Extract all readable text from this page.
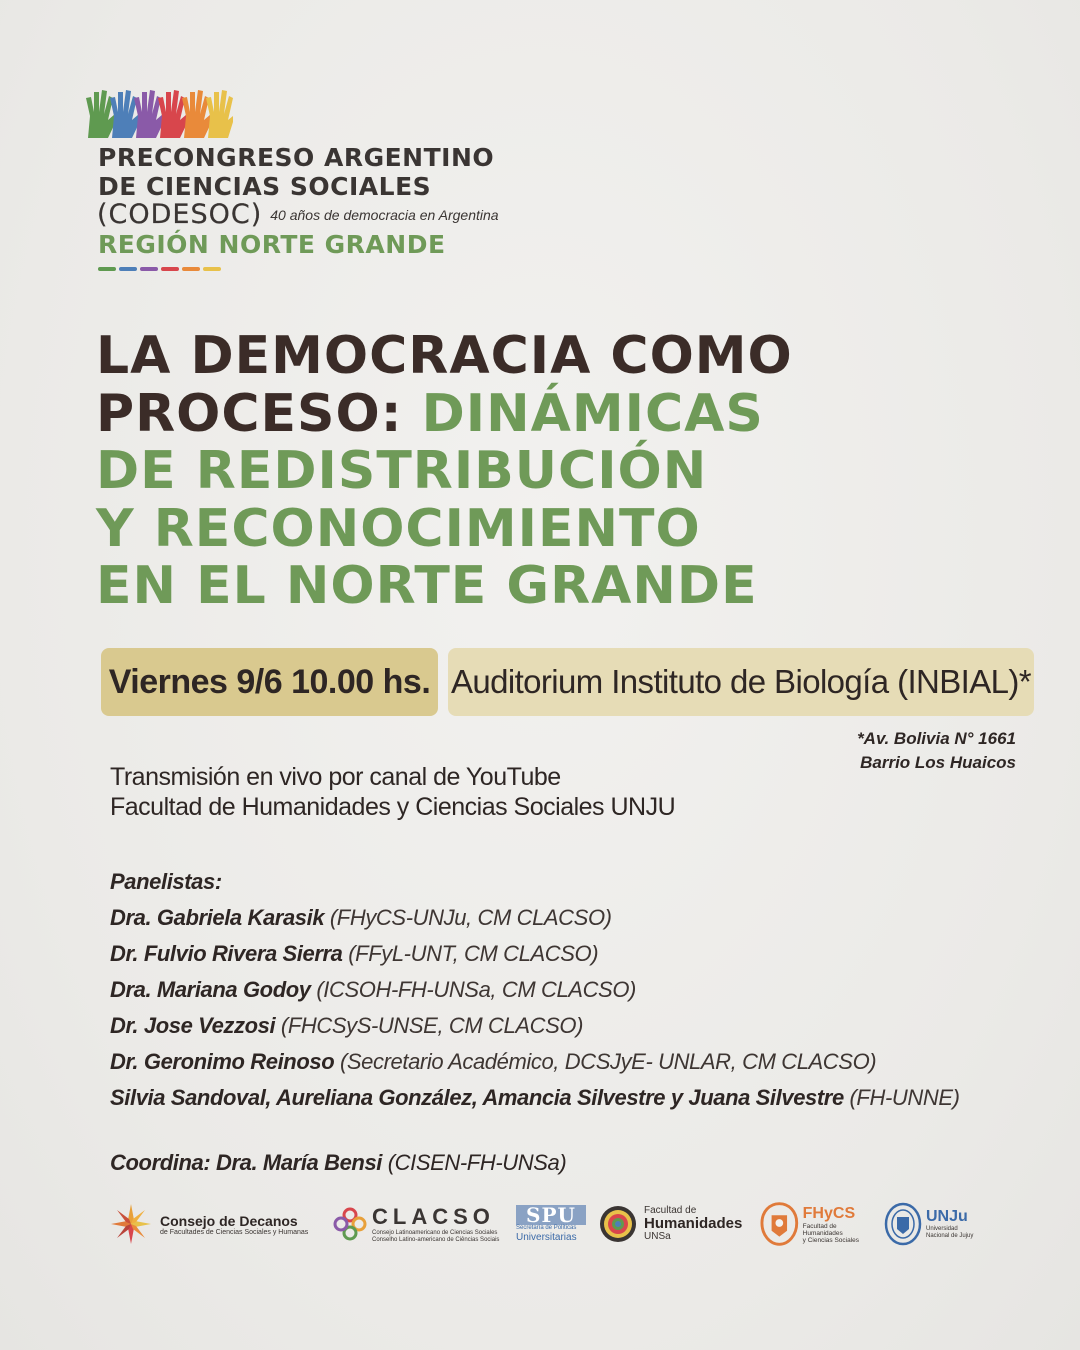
PRECONGRESO ARGENTINO
DE CIENCIAS SOCIALES
(CODESOC) 40 años de democracia en Argentina
REGIÓN NORTE GRANDE
LA DEMOCRACIA COMO
PROCESO: DINÁMICAS
DE REDISTRIBUCIÓN
Y RECONOCIMIENTO
EN EL NORTE GRANDE
Viernes 9/6 10.00 hs. Auditorium Instituto de Biología (INBIAL)*
*Av. Bolivia N° 1661
Barrio Los Huaicos
Transmisión en vivo por canal de YouTube
Facultad de Humanidades y Ciencias Sociales UNJU
Panelistas:
Dra. Gabriela Karasik (FHyCS-UNJu, CM CLACSO)
Dr. Fulvio Rivera Sierra (FFyL-UNT, CM CLACSO)
Dra. Mariana Godoy (ICSOH-FH-UNSa, CM CLACSO)
Dr. Jose Vezzosi (FHCSyS-UNSE, CM CLACSO)
Dr. Geronimo Reinoso (Secretario Académico, DCSJyE- UNLAR, CM CLACSO)
Silvia Sandoval, Aureliana González, Amancia Silvestre y Juana Silvestre (FH-UNNE)
Coordina: Dra. María Bensi (CISEN-FH-UNSa)
Consejo de Decanos
de Facultades de Ciencias Sociales y Humanas
CLACSO
Consejo Latinoamericano de Ciencias Sociales
Conselho Latino-americano de Ciências Sociais
SPU
Secretaría de Políticas
Universitarias
Facultad de
Humanidades
UNSa
FHyCS
Facultad de Humanidades
y Ciencias Sociales
UNJu
Universidad
Nacional de Jujuy
